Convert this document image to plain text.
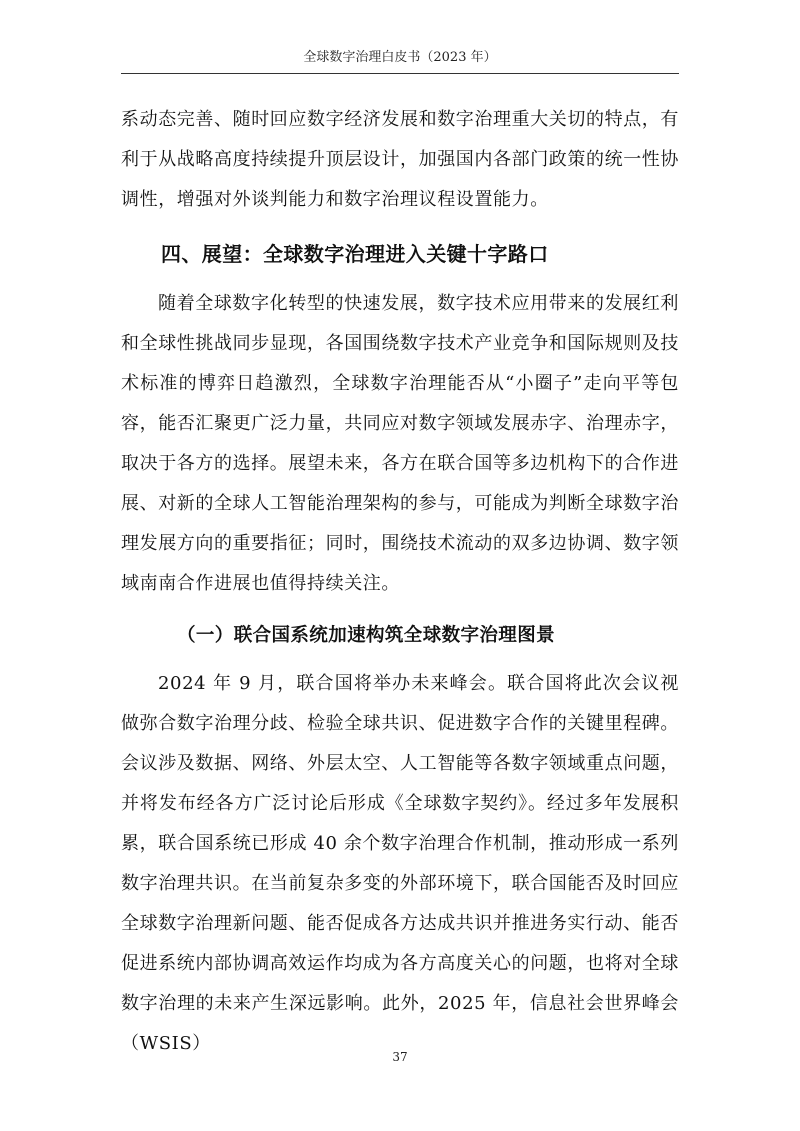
全球数字治理白皮书（2023 年）

系动态完善、随时回应数字经济发展和数字治理重大关切的特点，有利于从战略高度持续提升顶层设计，加强国内各部门政策的统一性协调性，增强对外谈判能力和数字治理议程设置能力。

四、展望：全球数字治理进入关键十字路口

随着全球数字化转型的快速发展，数字技术应用带来的发展红利和全球性挑战同步显现，各国围绕数字技术产业竞争和国际规则及技术标准的博弈日趋激烈，全球数字治理能否从“小圈子”走向平等包容，能否汇聚更广泛力量，共同应对数字领域发展赤字、治理赤字，取决于各方的选择。展望未来，各方在联合国等多边机构下的合作进展、对新的全球人工智能治理架构的参与，可能成为判断全球数字治理发展方向的重要指征；同时，围绕技术流动的双多边协调、数字领域南南合作进展也值得持续关注。

（一）联合国系统加速构筑全球数字治理图景

2024 年 9 月，联合国将举办未来峰会。联合国将此次会议视做弥合数字治理分歧、检验全球共识、促进数字合作的关键里程碑。会议涉及数据、网络、外层太空、人工智能等各数字领域重点问题，并将发布经各方广泛讨论后形成《全球数字契约》。经过多年发展积累，联合国系统已形成 40 余个数字治理合作机制，推动形成一系列数字治理共识。在当前复杂多变的外部环境下，联合国能否及时回应全球数字治理新问题、能否促成各方达成共识并推进务实行动、能否促进系统内部协调高效运作均成为各方高度关心的问题，也将对全球数字治理的未来产生深远影响。此外，2025 年，信息社会世界峰会（WSIS）

37
